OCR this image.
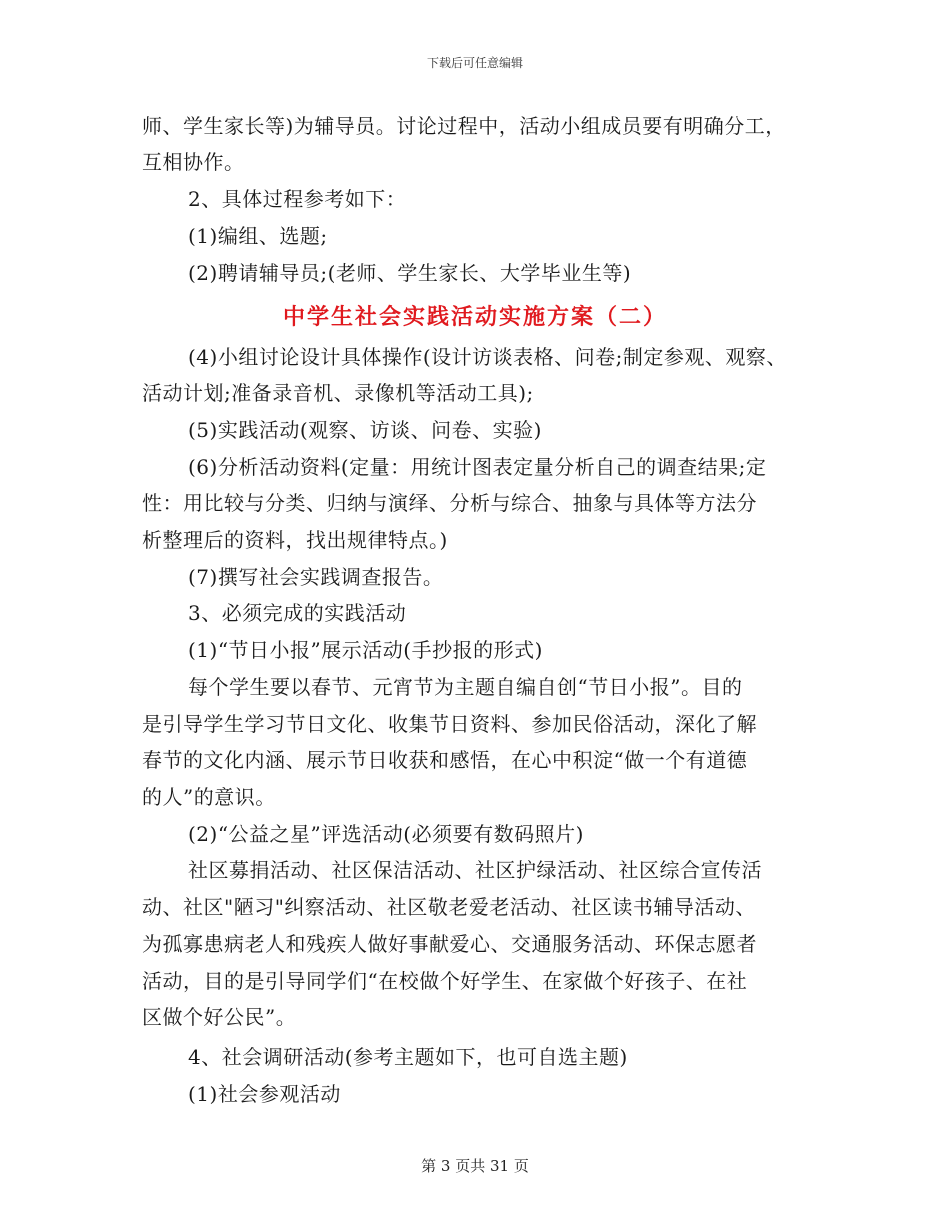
下载后可任意编辑
师、学生家长等)为辅导员。讨论过程中，活动小组成员要有明确分工，
互相协作。
2、具体过程参考如下：
(1)编组、选题;
(2)聘请辅导员;(老师、学生家长、大学毕业生等)
中学生社会实践活动实施方案（二）
(4)小组讨论设计具体操作(设计访谈表格、问卷;制定参观、观察、
活动计划;准备录音机、录像机等活动工具);
(5)实践活动(观察、访谈、问卷、实验)
(6)分析活动资料(定量：用统计图表定量分析自己的调查结果;定
性：用比较与分类、归纳与演绎、分析与综合、抽象与具体等方法分
析整理后的资料，找出规律特点。)
(7)撰写社会实践调查报告。
3、必须完成的实践活动
(1)“节日小报”展示活动(手抄报的形式)
每个学生要以春节、元宵节为主题自编自创“节日小报”。目的
是引导学生学习节日文化、收集节日资料、参加民俗活动，深化了解
春节的文化内涵、展示节日收获和感悟，在心中积淀“做一个有道德
的人”的意识。
(2)“公益之星”评选活动(必须要有数码照片)
社区募捐活动、社区保洁活动、社区护绿活动、社区综合宣传活
动、社区"陋习"纠察活动、社区敬老爱老活动、社区读书辅导活动、
为孤寡患病老人和残疾人做好事献爱心、交通服务活动、环保志愿者
活动，目的是引导同学们“在校做个好学生、在家做个好孩子、在社
区做个好公民”。
4、社会调研活动(参考主题如下，也可自选主题)
(1)社会参观活动
第 3 页共 31 页
